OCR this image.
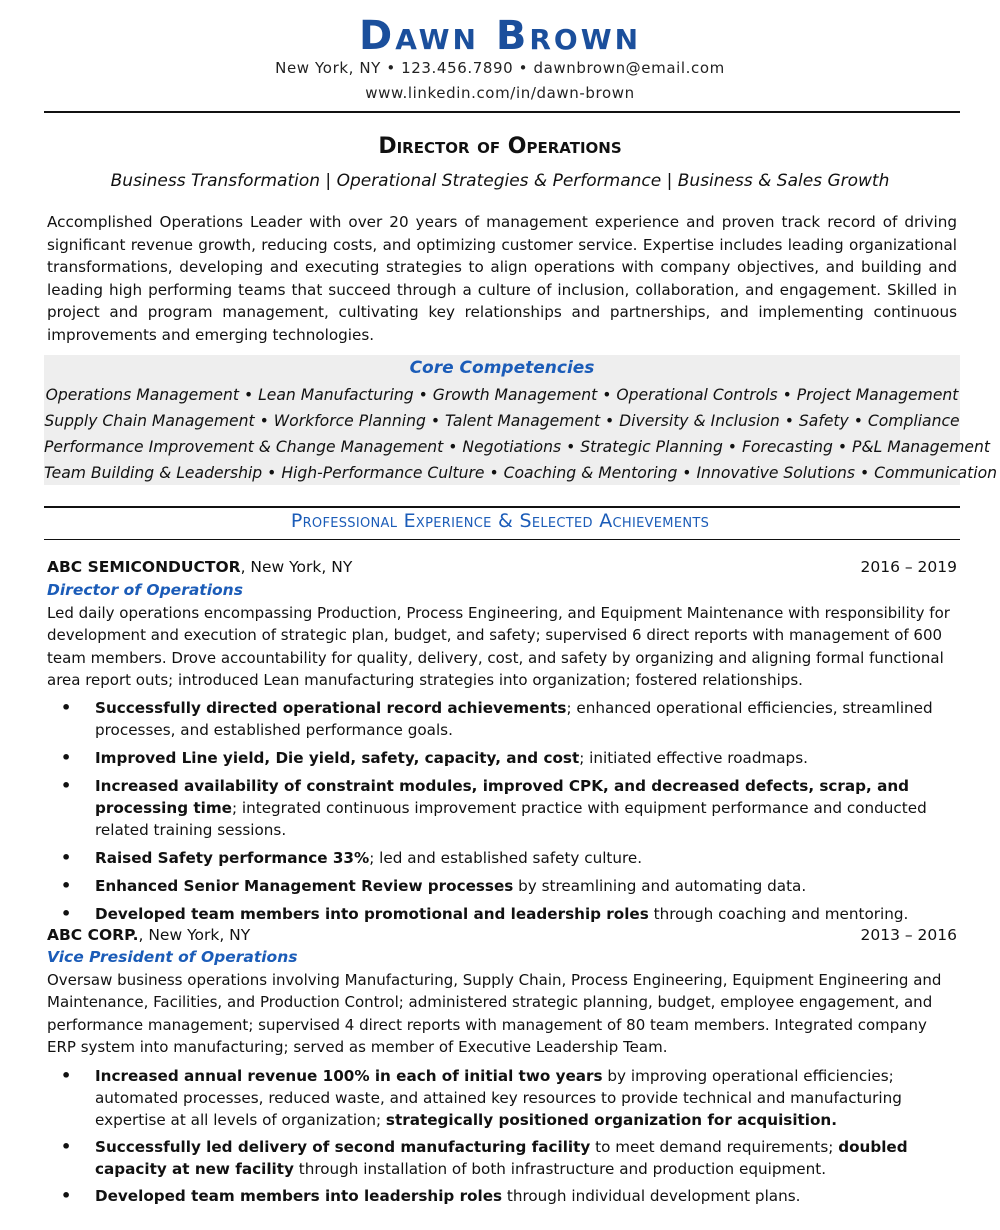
Dawn Brown
New York, NY • 123.456.7890 • dawnbrown@email.com
www.linkedin.com/in/dawn-brown
Director of Operations
Business Transformation | Operational Strategies & Performance | Business & Sales Growth
Accomplished Operations Leader with over 20 years of management experience and proven track record of driving significant revenue growth, reducing costs, and optimizing customer service. Expertise includes leading organizational transformations, developing and executing strategies to align operations with company objectives, and building and leading high performing teams that succeed through a culture of inclusion, collaboration, and engagement. Skilled in project and program management, cultivating key relationships and partnerships, and implementing continuous improvements and emerging technologies.
Core Competencies
Operations Management • Lean Manufacturing • Growth Management • Operational Controls • Project Management
Supply Chain Management • Workforce Planning • Talent Management • Diversity & Inclusion • Safety • Compliance
Performance Improvement & Change Management • Negotiations • Strategic Planning • Forecasting • P&L Management
Team Building & Leadership • High-Performance Culture • Coaching & Mentoring • Innovative Solutions • Communication
Professional Experience & Selected Achievements
ABC SEMICONDUCTOR, New York, NY	2016 – 2019
Director of Operations
Led daily operations encompassing Production, Process Engineering, and Equipment Maintenance with responsibility for development and execution of strategic plan, budget, and safety; supervised 6 direct reports with management of 600 team members. Drove accountability for quality, delivery, cost, and safety by organizing and aligning formal functional area report outs; introduced Lean manufacturing strategies into organization; fostered relationships.
• Successfully directed operational record achievements; enhanced operational efficiencies, streamlined processes, and established performance goals.
• Improved Line yield, Die yield, safety, capacity, and cost; initiated effective roadmaps.
• Increased availability of constraint modules, improved CPK, and decreased defects, scrap, and processing time; integrated continuous improvement practice with equipment performance and conducted related training sessions.
• Raised Safety performance 33%; led and established safety culture.
• Enhanced Senior Management Review processes by streamlining and automating data.
• Developed team members into promotional and leadership roles through coaching and mentoring.
ABC CORP., New York, NY	2013 – 2016
Vice President of Operations
Oversaw business operations involving Manufacturing, Supply Chain, Process Engineering, Equipment Engineering and Maintenance, Facilities, and Production Control; administered strategic planning, budget, employee engagement, and performance management; supervised 4 direct reports with management of 80 team members. Integrated company ERP system into manufacturing; served as member of Executive Leadership Team.
• Increased annual revenue 100% in each of initial two years by improving operational efficiencies; automated processes, reduced waste, and attained key resources to provide technical and manufacturing expertise at all levels of organization; strategically positioned organization for acquisition.
• Successfully led delivery of second manufacturing facility to meet demand requirements; doubled capacity at new facility through installation of both infrastructure and production equipment.
• Developed team members into leadership roles through individual development plans.
